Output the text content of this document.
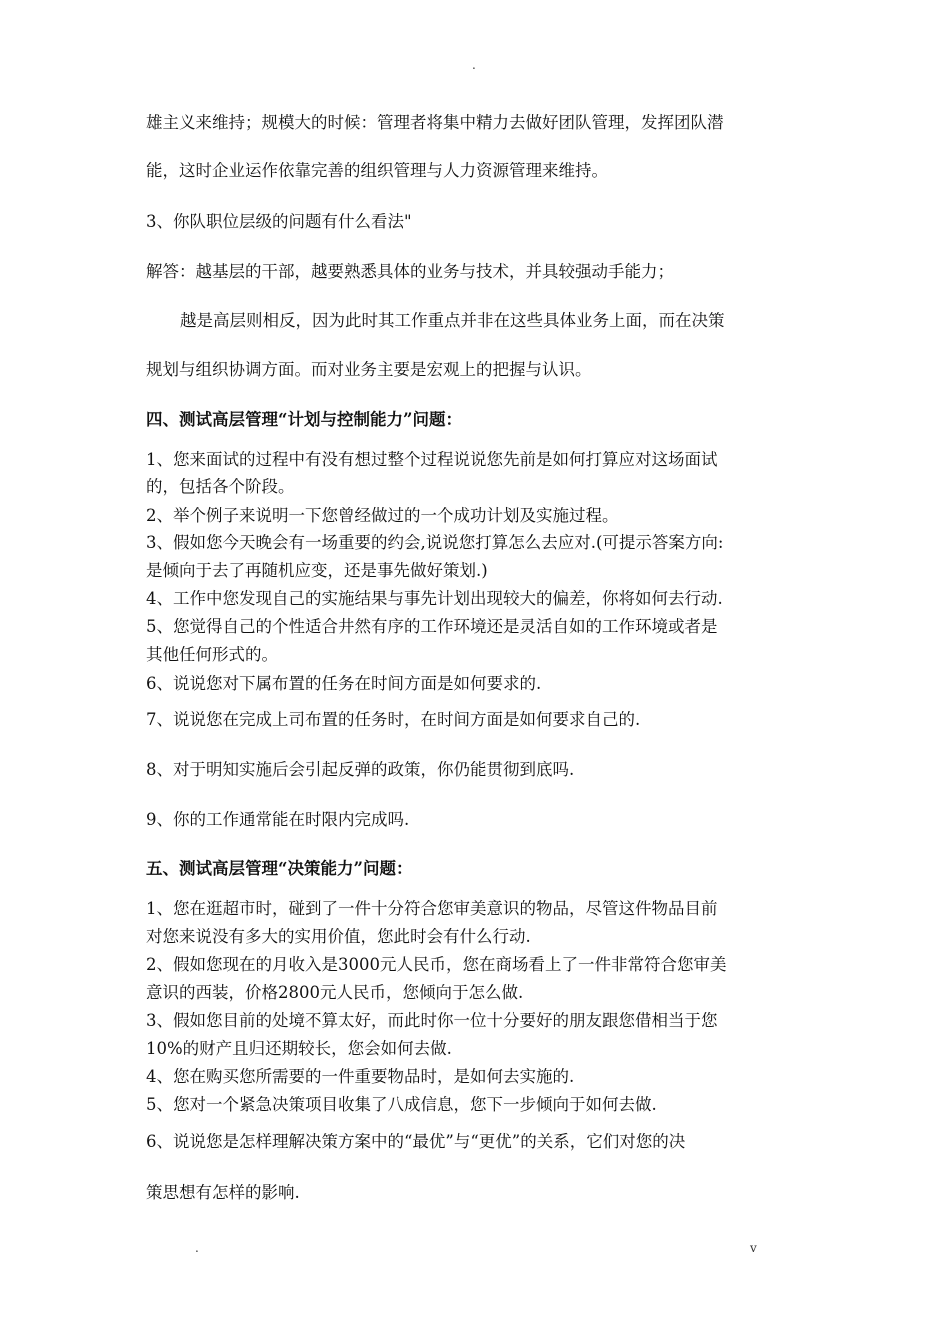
.
雄主义来维持；规模大的时候：管理者将集中精力去做好团队管理，发挥团队潜
能，这时企业运作依靠完善的组织管理与人力资源管理来维持。
3、你队职位层级的问题有什么看法"
解答：越基层的干部，越要熟悉具体的业务与技术，并具较强动手能力；
越是高层则相反，因为此时其工作重点并非在这些具体业务上面，而在决策
规划与组织协调方面。而对业务主要是宏观上的把握与认识。
四、测试高层管理“计划与控制能力”问题：
1、您来面试的过程中有没有想过整个过程说说您先前是如何打算应对这场面试
的，包括各个阶段。
2、举个例子来说明一下您曾经做过的一个成功计划及实施过程。
3、假如您今天晚会有一场重要的约会,说说您打算怎么去应对.(可提示答案方向:
是倾向于去了再随机应变，还是事先做好策划.)
4、工作中您发现自己的实施结果与事先计划出现较大的偏差，你将如何去行动.
5、您觉得自己的个性适合井然有序的工作环境还是灵活自如的工作环境或者是
其他任何形式的。
6、说说您对下属布置的任务在时间方面是如何要求的.
7、说说您在完成上司布置的任务时，在时间方面是如何要求自己的.
8、对于明知实施后会引起反弹的政策，你仍能贯彻到底吗.
9、你的工作通常能在时限内完成吗.
五、测试高层管理“决策能力”问题：
1、您在逛超市时，碰到了一件十分符合您审美意识的物品，尽管这件物品目前
对您来说没有多大的实用价值，您此时会有什么行动.
2、假如您现在的月收入是3000元人民币，您在商场看上了一件非常符合您审美
意识的西装，价格2800元人民币，您倾向于怎么做.
3、假如您目前的处境不算太好，而此时你一位十分要好的朋友跟您借相当于您
10%的财产且归还期较长，您会如何去做.
4、您在购买您所需要的一件重要物品时，是如何去实施的.
5、您对一个紧急决策项目收集了八成信息，您下一步倾向于如何去做.
6、说说您是怎样理解决策方案中的“最优”与“更优”的关系，它们对您的决
策思想有怎样的影响.
.	v
